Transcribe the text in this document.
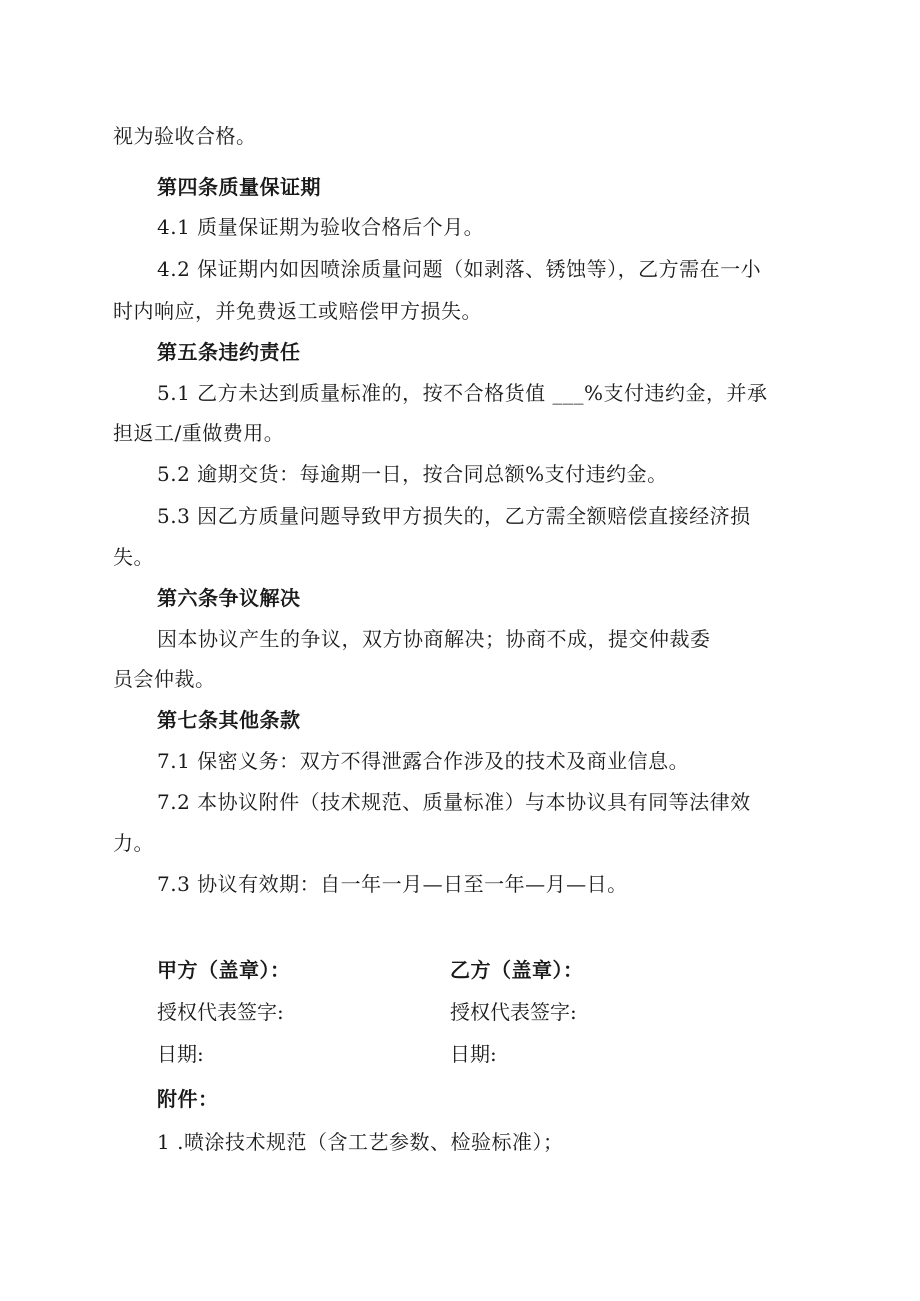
视为验收合格。
第四条质量保证期
4.1 质量保证期为验收合格后个月。
4.2 保证期内如因喷涂质量问题（如剥落、锈蚀等），乙方需在一小
时内响应，并免费返工或赔偿甲方损失。
第五条违约责任
5.1 乙方未达到质量标准的，按不合格货值 ___%支付违约金，并承
担返工/重做费用。
5.2 逾期交货：每逾期一日，按合同总额%支付违约金。
5.3 因乙方质量问题导致甲方损失的，乙方需全额赔偿直接经济损
失。
第六条争议解决
因本协议产生的争议，双方协商解决；协商不成，提交仲裁委
员会仲裁。
第七条其他条款
7.1 保密义务：双方不得泄露合作涉及的技术及商业信息。
7.2 本协议附件（技术规范、质量标准）与本协议具有同等法律效
力。
7.3 协议有效期：自一年一月—日至一年—月—日。
甲方（盖章）：
授权代表签字:
日期:
乙方（盖章）：
授权代表签字:
日期:
附件：
1 .喷涂技术规范（含工艺参数、检验标准）；
